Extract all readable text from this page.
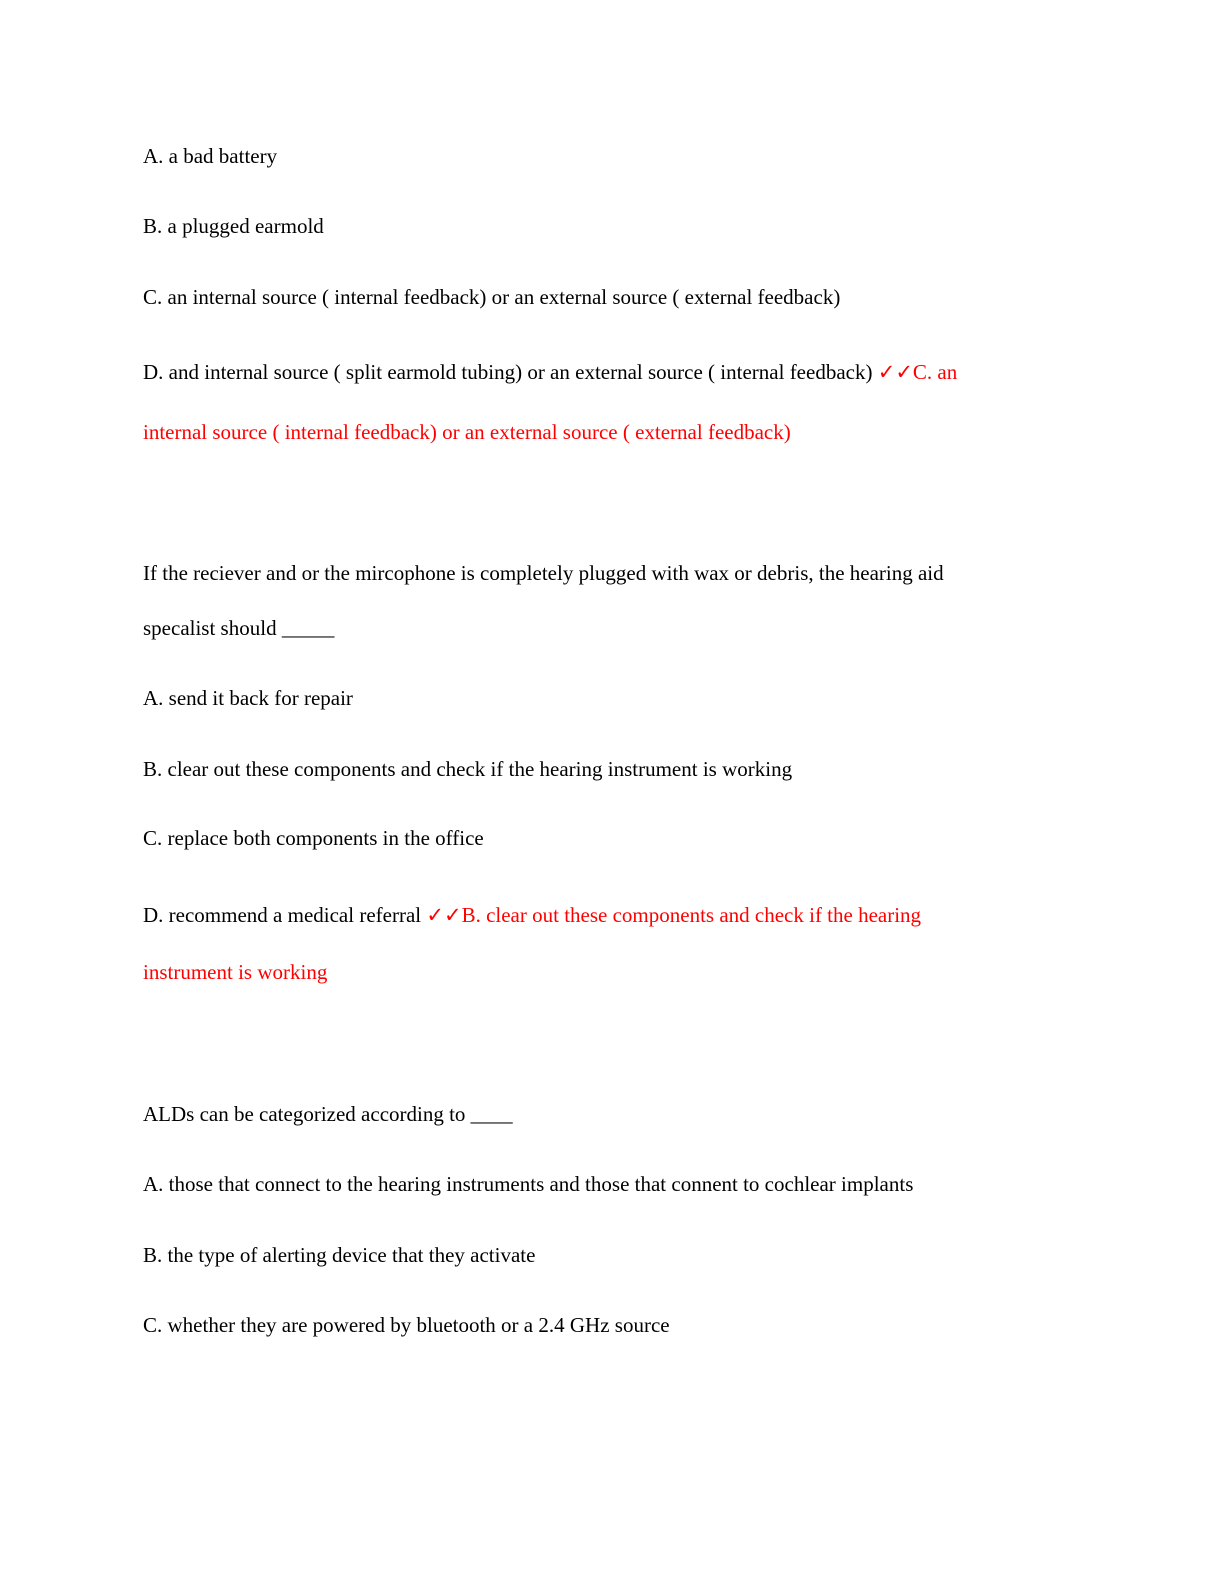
A. a bad battery
B. a plugged earmold
C. an internal source ( internal feedback) or an external source ( external feedback)
D. and internal source ( split earmold tubing) or an external source ( internal feedback) ✓✓C. an
internal source ( internal feedback) or an external source ( external feedback)
If the reciever and or the mircophone is completely plugged with wax or debris, the hearing aid
specalist should _____
A. send it back for repair
B. clear out these components and check if the hearing instrument is working
C. replace both components in the office
D. recommend a medical referral ✓✓B. clear out these components and check if the hearing
instrument is working
ALDs can be categorized according to ____
A. those that connect to the hearing instruments and those that connent to cochlear implants
B. the type of alerting device that they activate
C. whether they are powered by bluetooth or a 2.4 GHz source
